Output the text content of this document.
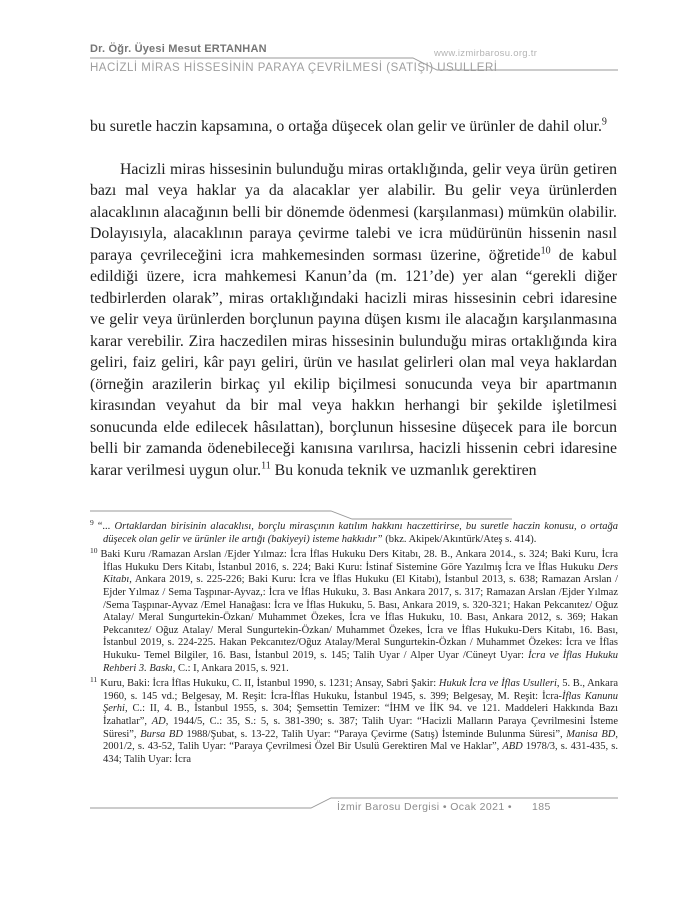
Dr. Öğr. Üyesi Mesut ERTANHAN	www.izmirbarosu.org.tr
HACİZLİ MİRAS HİSSESİNİN PARAYA ÇEVRİLMESİ (SATIŞI) USULLERİ

bu suretle haczin kapsamına, o ortağa düşecek olan gelir ve ürünler de dahil olur.$^9$

Hacizli miras hissesinin bulunduğu miras ortaklığında, gelir veya ürün getiren bazı mal veya haklar ya da alacaklar yer alabilir. Bu gelir veya ürünlerden alacaklının alacağının belli bir dönemde ödenmesi (karşılanması) mümkün olabilir. Dolayısıyla, alacaklının paraya çevirme talebi ve icra müdürünün hissenin nasıl paraya çevrileceğini icra mahkemesinden sorması üzerine, öğretide$^{10}$ de kabul edildiği üzere, icra mahkemesi Kanun’da (m. 121’de) yer alan “gerekli diğer tedbirlerden olarak”, miras ortaklığındaki hacizli miras hissesinin cebri idaresine ve gelir veya ürünlerden borçlunun payına düşen kısmı ile alacağın karşılanmasına karar verebilir. Zira haczedilen miras hissesinin bulunduğu miras ortaklığında kira geliri, faiz geliri, kâr payı geliri, ürün ve hasılat gelirleri olan mal veya haklardan (örneğin arazilerin birkaç yıl ekilip biçilmesi sonucunda veya bir apartmanın kirasından veyahut da bir mal veya hakkın herhangi bir şekilde işletilmesi sonucunda elde edilecek hâsılattan), borçlunun hissesine düşecek para ile borcun belli bir zamanda ödenebileceği kanısına varılırsa, hacizli hissenin cebri idaresine karar verilmesi uygun olur.$^{11}$ Bu konuda teknik ve uzmanlık gerektiren

$^9$ “... Ortaklardan birisinin alacaklısı, borçlu mirasçının katılım hakkını haczettirirse, bu suretle haczin konusu, o ortağa düşecek olan gelir ve ürünler ile artığı (bakiyeyi) isteme hakkıdır” (bkz. Akipek/Akıntürk/Ateş s. 414).
$^{10}$ Baki Kuru /Ramazan Arslan /Ejder Yılmaz: İcra İflas Hukuku Ders Kitabı, 28. B., Ankara 2014., s. 324; Baki Kuru, İcra İflas Hukuku Ders Kitabı, İstanbul 2016, s. 224; Baki Kuru: İstinaf Sistemine Göre Yazılmış İcra ve İflas Hukuku Ders Kitabı, Ankara 2019, s. 225-226; Baki Kuru: İcra ve İflas Hukuku (El Kitabı), İstanbul 2013, s. 638; Ramazan Arslan / Ejder Yılmaz / Sema Taşpınar-Ayvaz,: İcra ve İflas Hukuku, 3. Bası Ankara 2017, s. 317; Ramazan Arslan /Ejder Yılmaz /Sema Taşpınar-Ayvaz /Emel Hanağası: İcra ve İflas Hukuku, 5. Bası, Ankara 2019, s. 320-321; Hakan Pekcanıtez/ Oğuz Atalay/ Meral Sungurtekin-Özkan/ Muhammet Özekes, İcra ve İflas Hukuku, 10. Bası, Ankara 2012, s. 369; Hakan Pekcanıtez/ Oğuz Atalay/ Meral Sungurtekin-Özkan/ Muhammet Özekes, İcra ve İflas Hukuku-Ders Kitabı, 16. Bası, İstanbul 2019, s. 224-225. Hakan Pekcanıtez/Oğuz Atalay/Meral Sungurtekin-Özkan / Muhammet Özekes: İcra ve İflas Hukuku- Temel Bilgiler, 16. Bası, İstanbul 2019, s. 145; Talih Uyar / Alper Uyar /Cüneyt Uyar: İcra ve İflas Hukuku Rehberi 3. Baskı, C.: I, Ankara 2015, s. 921.
$^{11}$ Kuru, Baki: İcra İflas Hukuku, C. II, İstanbul 1990, s. 1231; Ansay, Sabri Şakir: Hukuk İcra ve İflas Usulleri, 5. B., Ankara 1960, s. 145 vd.; Belgesay, M. Reşit: İcra-İflas Hukuku, İstanbul 1945, s. 399; Belgesay, M. Reşit: İcra-İflas Kanunu Şerhi, C.: II, 4. B., İstanbul 1955, s. 304; Şemsettin Temizer: “İHM ve İİK 94. ve 121. Maddeleri Hakkında Bazı İzahatlar”, AD, 1944/5, C.: 35, S.: 5, s. 381-390; s. 387; Talih Uyar: “Hacizli Malların Paraya Çevrilmesini İsteme Süresi”, Bursa BD 1988/Şubat, s. 13-22, Talih Uyar: “Paraya Çevirme (Satış) İsteminde Bulunma Süresi”, Manisa BD, 2001/2, s. 43-52, Talih Uyar: “Paraya Çevrilmesi Özel Bir Usulü Gerektiren Mal ve Haklar”, ABD 1978/3, s. 431-435, s. 434; Talih Uyar: İcra
İzmir Barosu Dergisi • Ocak 2021 • 185
